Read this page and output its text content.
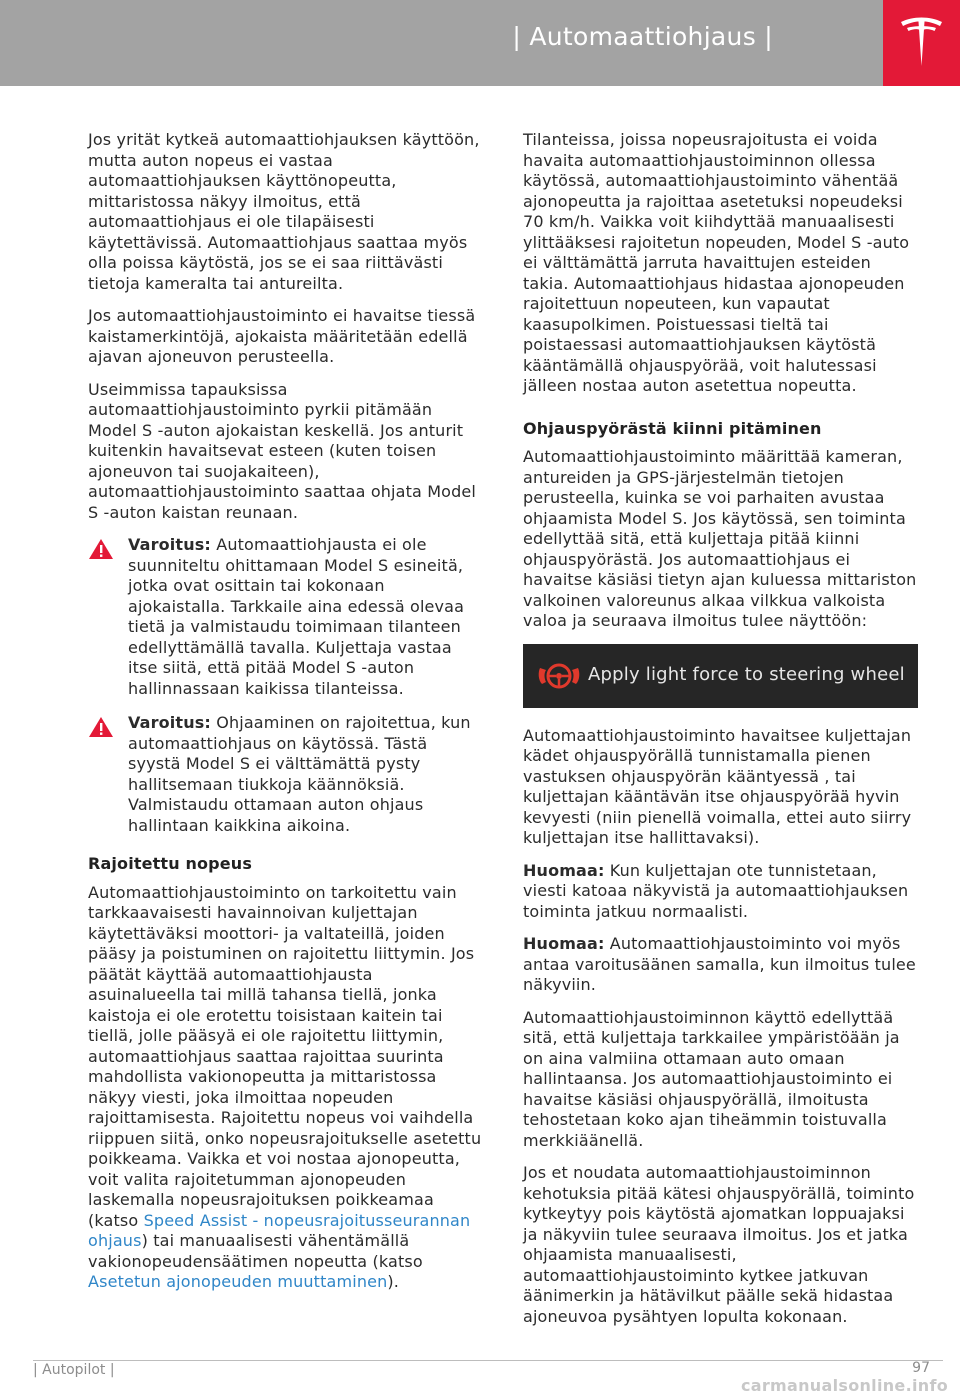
| Automaattiohjaus |

Jos yrität kytkeä automaattiohjauksen käyttöön, mutta auton nopeus ei vastaa automaattiohjauksen käyttönopeutta, mittaristossa näkyy ilmoitus, että automaattiohjaus ei ole tilapäisesti käytettävissä. Automaattiohjaus saattaa myös olla poissa käytöstä, jos se ei saa riittävästi tietoja kameralta tai antureilta.

Jos automaattiohjaustoiminto ei havaitse tiessä kaistamerkintöjä, ajokaista määritetään edellä ajavan ajoneuvon perusteella.

Useimmissa tapauksissa automaattiohjaustoiminto pyrkii pitämään Model S -auton ajokaistan keskellä. Jos anturit kuitenkin havaitsevat esteen (kuten toisen ajoneuvon tai suojakaiteen), automaattiohjaustoiminto saattaa ohjata Model S -auton kaistan reunaan.

Varoitus: Automaattiohjausta ei ole suunniteltu ohittamaan Model S esineitä, jotka ovat osittain tai kokonaan ajokaistalla. Tarkkaile aina edessä olevaa tietä ja valmistaudu toimimaan tilanteen edellyttämällä tavalla. Kuljettaja vastaa itse siitä, että pitää Model S -auton hallinnassaan kaikissa tilanteissa.
Varoitus: Ohjaaminen on rajoitettua, kun automaattiohjaus on käytössä. Tästä syystä Model S ei välttämättä pysty hallitsemaan tiukkoja käännöksiä. Valmistaudu ottamaan auton ohjaus hallintaan kaikkina aikoina.
Rajoitettu nopeus

Automaattiohjaustoiminto on tarkoitettu vain tarkkaavaisesti havainnoivan kuljettajan käytettäväksi moottori- ja valtateillä, joiden pääsy ja poistuminen on rajoitettu liittymin. Jos päätät käyttää automaattiohjausta asuinalueella tai millä tahansa tiellä, jonka kaistoja ei ole erotettu toisistaan kaitein tai tiellä, jolle pääsyä ei ole rajoitettu liittymin, automaattiohjaus saattaa rajoittaa suurinta mahdollista vakionopeutta ja mittaristossa näkyy viesti, joka ilmoittaa nopeuden rajoittamisesta. Rajoitettu nopeus voi vaihdella riippuen siitä, onko nopeusrajoitukselle asetettu poikkeama. Vaikka et voi nostaa ajonopeutta, voit valita rajoitetumman ajonopeuden laskemalla nopeusrajoituksen poikkeamaa (katso Speed Assist - nopeusrajoitusseurannan ohjaus) tai manuaalisesti vähentämällä vakionopeudensäätimen nopeutta (katso Asetetun ajonopeuden muuttaminen).

Tilanteissa, joissa nopeusrajoitusta ei voida havaita automaattiohjaustoiminnon ollessa käytössä, automaattiohjaustoiminto vähentää ajonopeutta ja rajoittaa asetetuksi nopeudeksi 70 km/h. Vaikka voit kiihdyttää manuaalisesti ylittääksesi rajoitetun nopeuden, Model S -auto ei välttämättä jarruta havaittujen esteiden takia. Automaattiohjaus hidastaa ajonopeuden rajoitettuun nopeuteen, kun vapautat kaasupolkimen. Poistuessasi tieltä tai poistaessasi automaattiohjauksen käytöstä kääntämällä ohjauspyörää, voit halutessasi jälleen nostaa auton asetettua nopeutta.

Ohjauspyörästä kiinni pitäminen

Automaattiohjaustoiminto määrittää kameran, antureiden ja GPS-järjestelmän tietojen perusteella, kuinka se voi parhaiten avustaa ohjaamista Model S. Jos käytössä, sen toiminta edellyttää sitä, että kuljettaja pitää kiinni ohjauspyörästä. Jos automaattiohjaus ei havaitse käsiäsi tietyn ajan kuluessa mittariston valkoinen valoreunus alkaa vilkkua valkoista valoa ja seuraava ilmoitus tulee näyttöön:

Apply light force to steering wheel

Automaattiohjaustoiminto havaitsee kuljettajan kädet ohjauspyörällä tunnistamalla pienen vastuksen ohjauspyörän kääntyessä , tai kuljettajan kääntävän itse ohjauspyörää hyvin kevyesti (niin pienellä voimalla, ettei auto siirry kuljettajan itse hallittavaksi).

Huomaa: Kun kuljettajan ote tunnistetaan, viesti katoaa näkyvistä ja automaattiohjauksen toiminta jatkuu normaalisti.

Huomaa: Automaattiohjaustoiminto voi myös antaa varoitusäänen samalla, kun ilmoitus tulee näkyviin.

Automaattiohjaustoiminnon käyttö edellyttää sitä, että kuljettaja tarkkailee ympäristöään ja on aina valmiina ottamaan auto omaan hallintaansa. Jos automaattiohjaustoiminto ei havaitse käsiäsi ohjauspyörällä, ilmoitusta tehostetaan koko ajan tiheämmin toistuvalla merkkiäänellä.

Jos et noudata automaattiohjaustoiminnon kehotuksia pitää kätesi ohjauspyörällä, toiminto kytkeytyy pois käytöstä ajomatkan loppuajaksi ja näkyviin tulee seuraava ilmoitus. Jos et jatka ohjaamista manuaalisesti, automaattiohjaustoiminto kytkee jatkuvan äänimerkin ja hätävilkut päälle sekä hidastaa ajoneuvoa pysähtyen lopulta kokonaan.

| Autopilot |	97
carmanualsonline.info
